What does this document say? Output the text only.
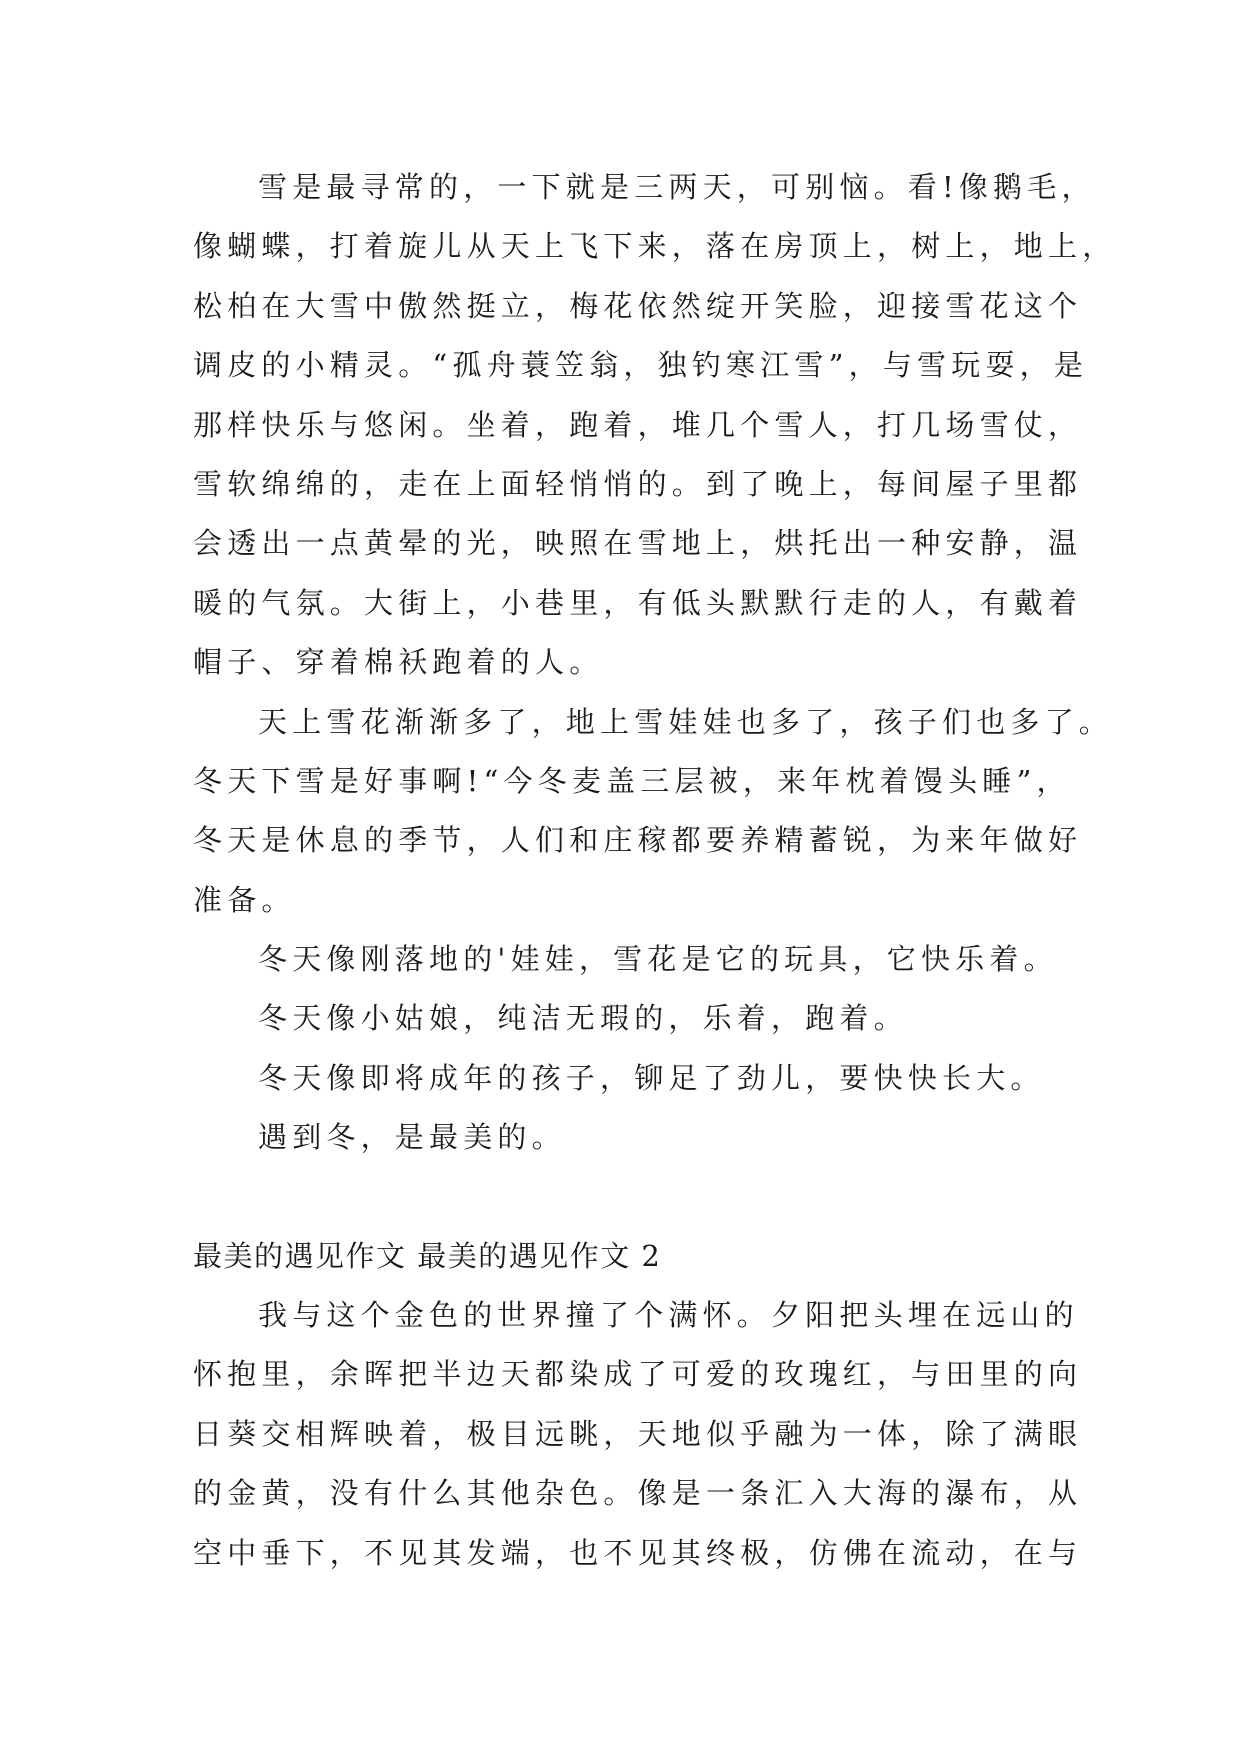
雪是最寻常的，一下就是三两天，可别恼。看!像鹅毛，
像蝴蝶，打着旋儿从天上飞下来，落在房顶上，树上，地上，
松柏在大雪中傲然挺立，梅花依然绽开笑脸，迎接雪花这个
调皮的小精灵。“孤舟蓑笠翁，独钓寒江雪”，与雪玩耍，是
那样快乐与悠闲。坐着，跑着，堆几个雪人，打几场雪仗，
雪软绵绵的，走在上面轻悄悄的。到了晚上，每间屋子里都
会透出一点黄晕的光，映照在雪地上，烘托出一种安静，温
暖的气氛。大街上，小巷里，有低头默默行走的人，有戴着
帽子、穿着棉袄跑着的人。
天上雪花渐渐多了，地上雪娃娃也多了，孩子们也多了。
冬天下雪是好事啊!“今冬麦盖三层被，来年枕着馒头睡”，
冬天是休息的季节，人们和庄稼都要养精蓄锐，为来年做好
准备。
冬天像刚落地的'娃娃，雪花是它的玩具，它快乐着。
冬天像小姑娘，纯洁无瑕的，乐着，跑着。
冬天像即将成年的孩子，铆足了劲儿，要快快长大。
遇到冬，是最美的。
最美的遇见作文 最美的遇见作文 2
我与这个金色的世界撞了个满怀。夕阳把头埋在远山的
怀抱里，余晖把半边天都染成了可爱的玫瑰红，与田里的向
日葵交相辉映着，极目远眺，天地似乎融为一体，除了满眼
的金黄，没有什么其他杂色。像是一条汇入大海的瀑布，从
空中垂下，不见其发端，也不见其终极，仿佛在流动，在与
